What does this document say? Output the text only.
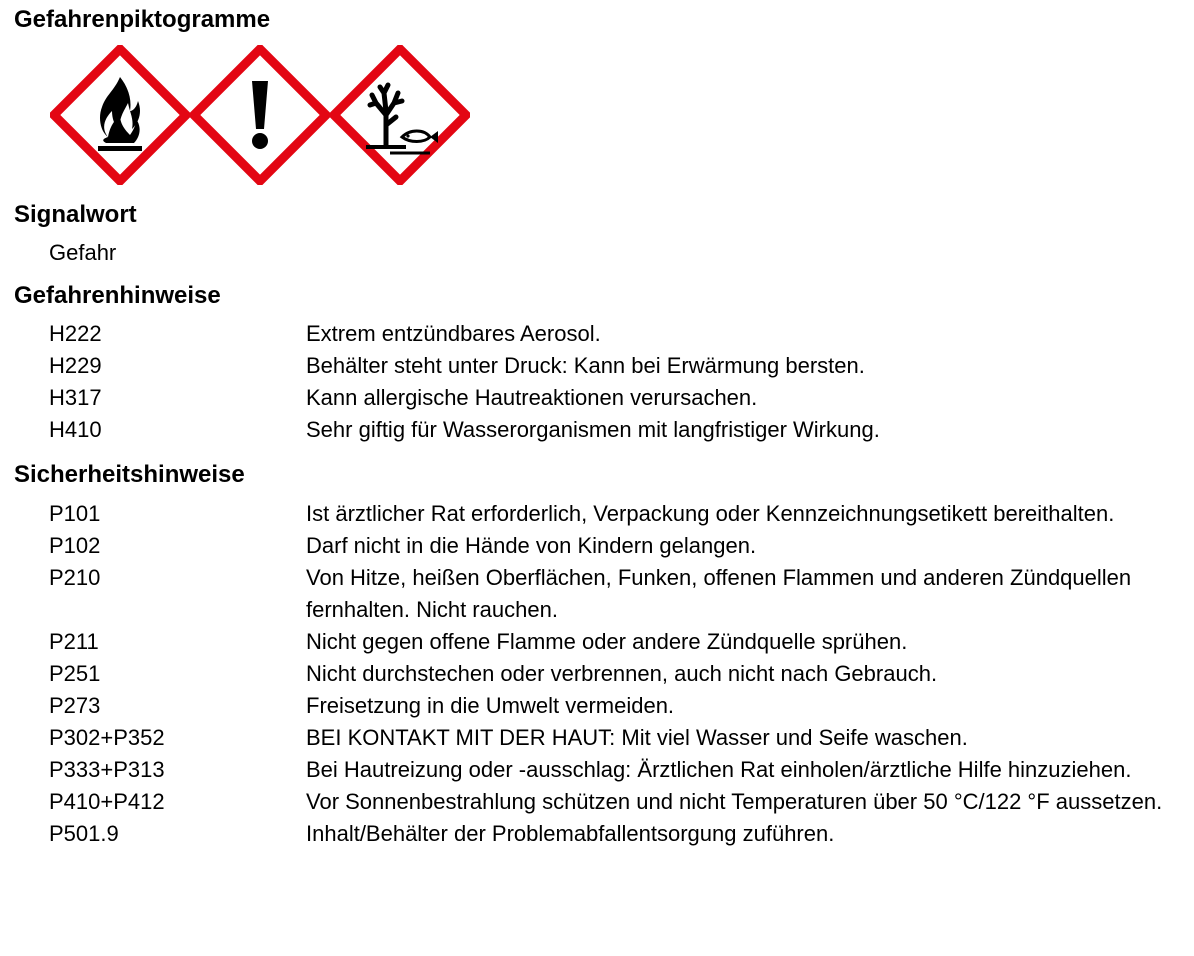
Gefahrenpiktogramme
Signalwort
Gefahr
Gefahrenhinweise
H222	Extrem entzündbares Aerosol.
H229	Behälter steht unter Druck: Kann bei Erwärmung bersten.
H317	Kann allergische Hautreaktionen verursachen.
H410	Sehr giftig für Wasserorganismen mit langfristiger Wirkung.
Sicherheitshinweise
P101	Ist ärztlicher Rat erforderlich, Verpackung oder Kennzeichnungsetikett bereithalten.
P102	Darf nicht in die Hände von Kindern gelangen.
P210	Von Hitze, heißen Oberflächen, Funken, offenen Flammen und anderen Zündquellen fernhalten. Nicht rauchen.
P211	Nicht gegen offene Flamme oder andere Zündquelle sprühen.
P251	Nicht durchstechen oder verbrennen, auch nicht nach Gebrauch.
P273	Freisetzung in die Umwelt vermeiden.
P302+P352	BEI KONTAKT MIT DER HAUT: Mit viel Wasser und Seife waschen.
P333+P313	Bei Hautreizung oder -ausschlag: Ärztlichen Rat einholen/ärztliche Hilfe hinzuziehen.
P410+P412	Vor Sonnenbestrahlung schützen und nicht Temperaturen über 50 °C/122 °F aussetzen.
P501.9	Inhalt/Behälter der Problemabfallentsorgung zuführen.
